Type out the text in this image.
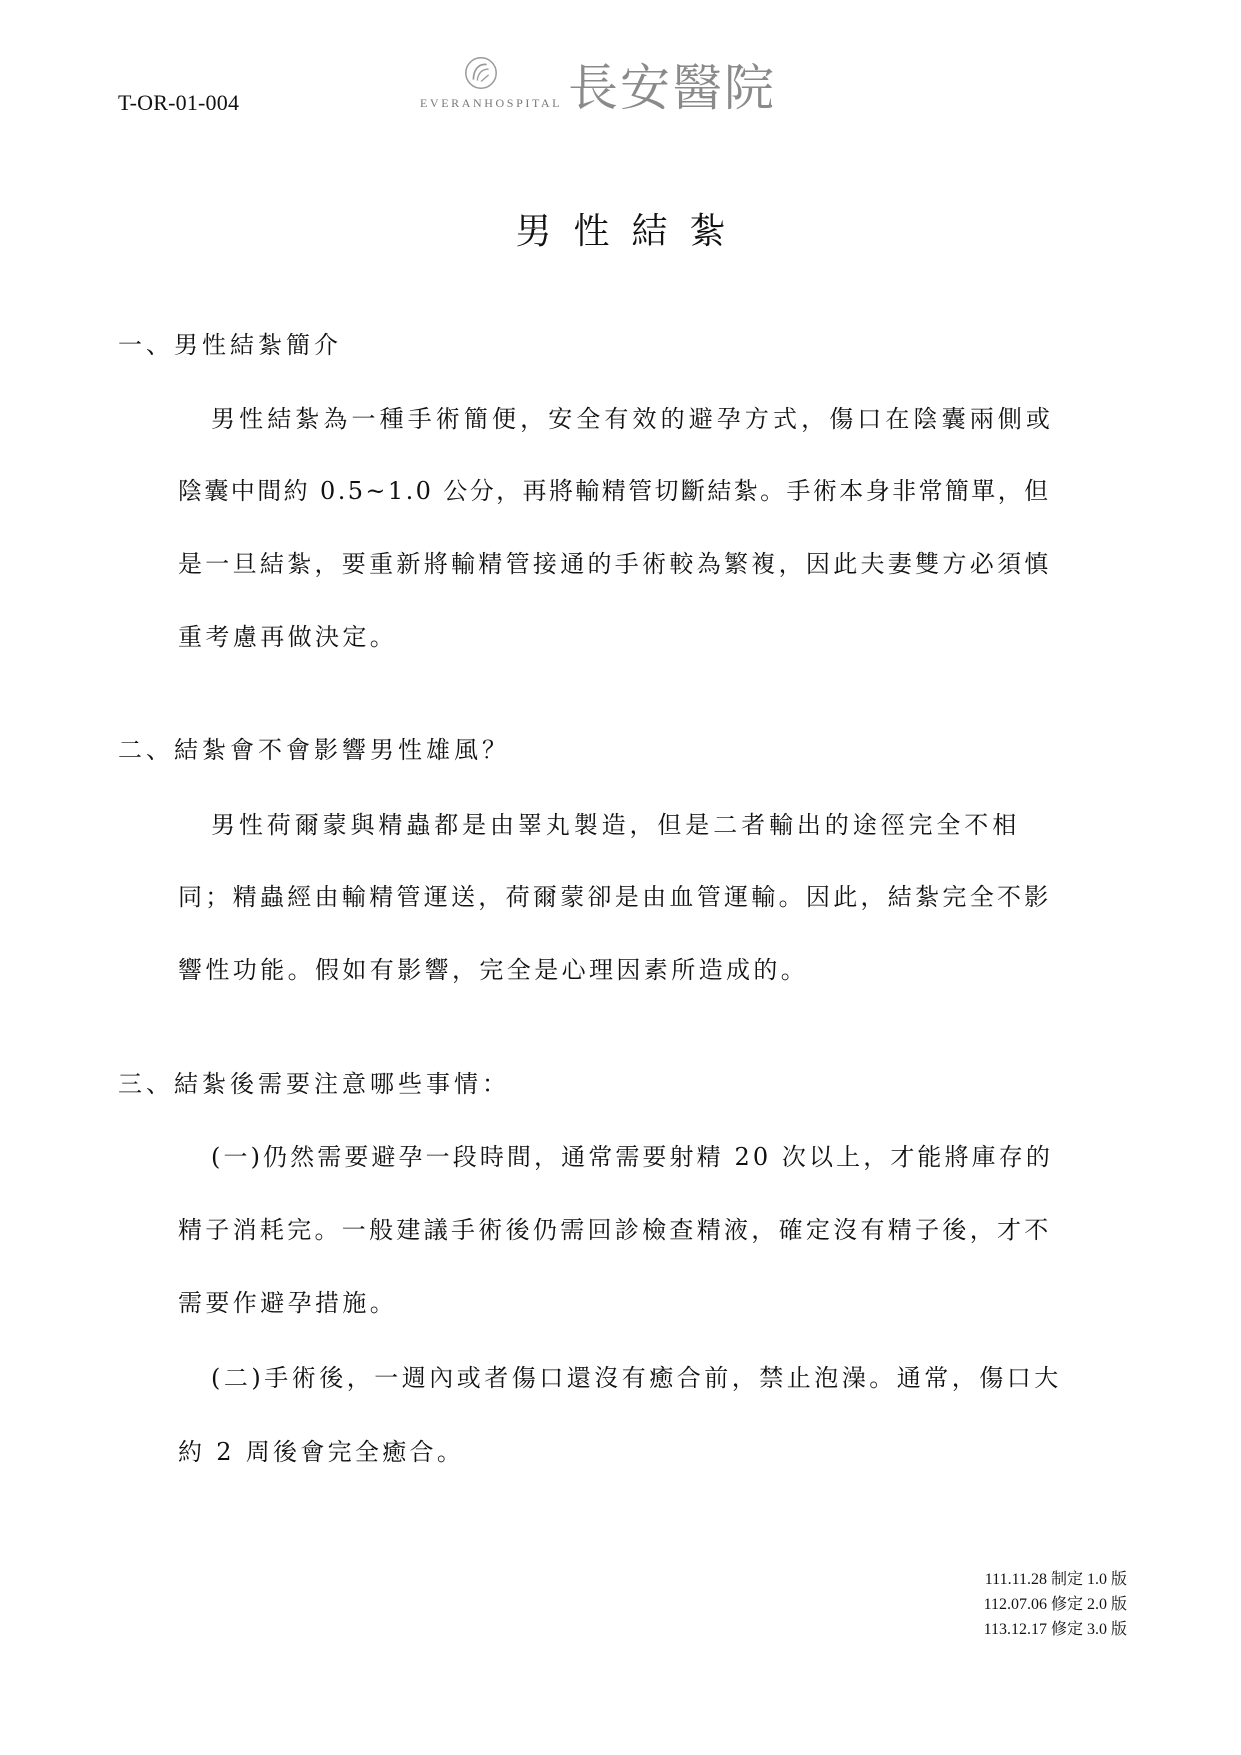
T-OR-01-004	EVERANHOSPITAL 長安醫院
男性結紮
一、男性結紮簡介
男性結紮為一種手術簡便，安全有效的避孕方式，傷口在陰囊兩側或
陰囊中間約 0.5~1.0 公分，再將輸精管切斷結紮。手術本身非常簡單，但
是一旦結紮，要重新將輸精管接通的手術較為繁複，因此夫妻雙方必須慎
重考慮再做決定。
二、結紮會不會影響男性雄風？
男性荷爾蒙與精蟲都是由睪丸製造，但是二者輸出的途徑完全不相
同；精蟲經由輸精管運送，荷爾蒙卻是由血管運輸。因此，結紮完全不影
響性功能。假如有影響，完全是心理因素所造成的。
三、結紮後需要注意哪些事情：
(一)仍然需要避孕一段時間，通常需要射精 20 次以上，才能將庫存的
精子消耗完。一般建議手術後仍需回診檢查精液，確定沒有精子後，才不
需要作避孕措施。
(二)手術後，一週內或者傷口還沒有癒合前，禁止泡澡。通常，傷口大
約 2 周後會完全癒合。
111.11.28 制定 1.0 版
112.07.06 修定 2.0 版
113.12.17 修定 3.0 版
